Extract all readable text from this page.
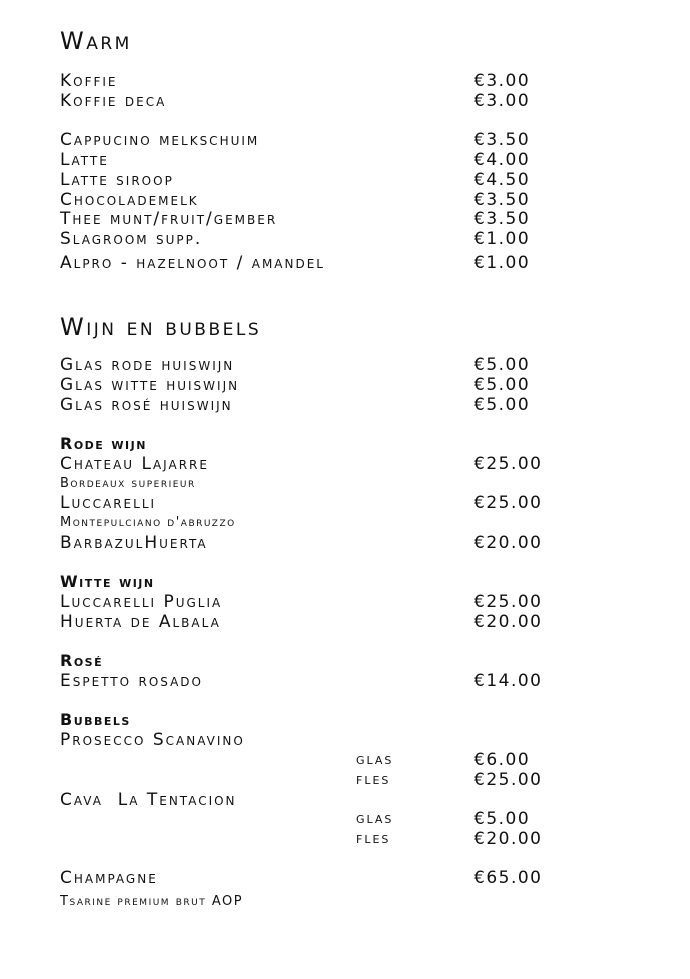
Warm
Koffie	€3.00
Koffie deca	€3.00
Cappucino melkschuim	€3.50
Latte	€4.00
Latte siroop	€4.50
Chocolademelk	€3.50
Thee munt/fruit/gember	€3.50
Slagroom supp.	€1.00
Alpro - hazelnoot / amandel	€1.00
Wijn en bubbels
Glas rode huiswijn	€5.00
Glas witte huiswijn	€5.00
Glas rosé huiswijn	€5.00
Rode wijn
Chateau Lajarre	€25.00
Bordeaux superieur
Luccarelli	€25.00
Montepulciano d'abruzzo
BarbazulHuerta	€20.00
Witte wijn
Luccarelli Puglia	€25.00
Huerta de Albala	€20.00
Rosé
Espetto rosado	€14.00
Bubbels
Prosecco Scanavino
glas	€6.00
fles	€25.00
Cava  La Tentacion
glas	€5.00
fles	€20.00
Champagne	€65.00
Tsarine premium brut AOP
